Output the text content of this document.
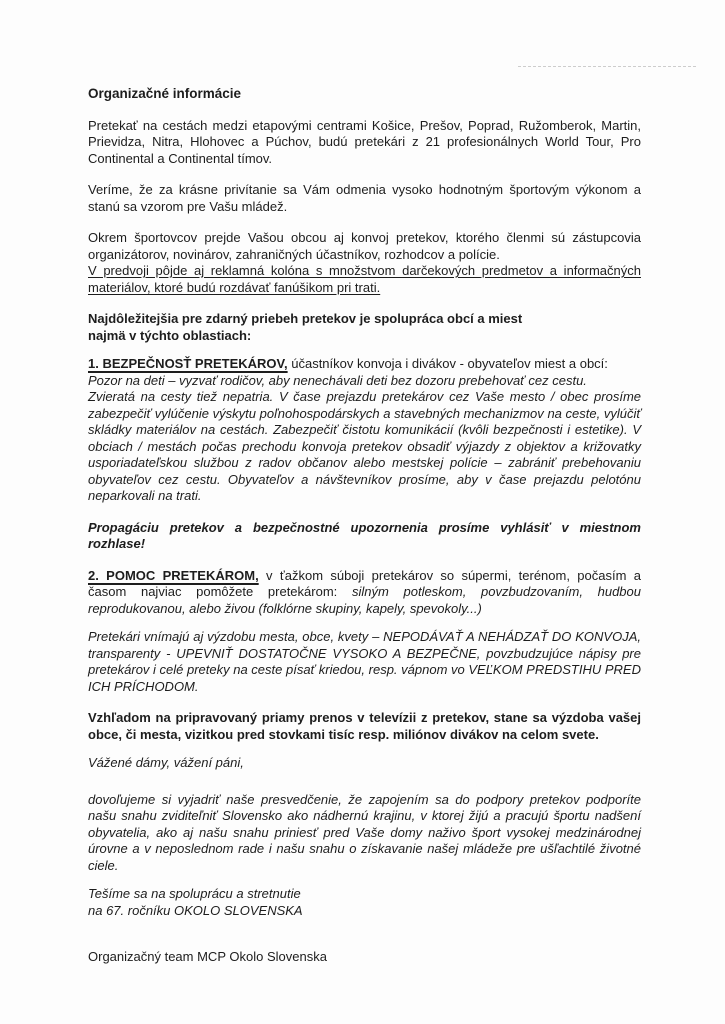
Organizačné informácie

Pretekať na cestách medzi etapovými centrami Košice, Prešov, Poprad, Ružomberok, Martin, Prievidza, Nitra, Hlohovec a Púchov, budú pretekári z 21 profesionálnych World Tour, Pro Continental a Continental tímov.

Veríme, že za krásne privítanie sa Vám odmenia vysoko hodnotným športovým výkonom a stanú sa vzorom pre Vašu mládež.

Okrem športovcov prejde Vašou obcou aj konvoj pretekov, ktorého členmi sú zástupcovia organizátorov, novinárov, zahraničných účastníkov, rozhodcov a polície.

V predvoji pôjde aj reklamná kolóna s množstvom darčekových predmetov a informačných materiálov, ktoré budú rozdávať fanúšikom pri trati.

Najdôležitejšia pre zdarný priebeh pretekov je spolupráca obcí a miest
najmä v týchto oblastiach:

1. BEZPEČNOSŤ PRETEKÁROV, účastníkov konvoja i divákov - obyvateľov miest a obcí:

Pozor na deti – vyzvať rodičov, aby nenechávali deti bez dozoru prebehovať cez cestu.

Zvieratá na cesty tiež nepatria. V čase prejazdu pretekárov cez Vaše mesto / obec prosíme zabezpečiť vylúčenie výskytu poľnohospodárskych a stavebných mechanizmov na ceste, vylúčiť skládky materiálov na cestách. Zabezpečiť čistotu komunikácií (kvôli bezpečnosti i estetike). V obciach / mestách počas prechodu konvoja pretekov obsadiť výjazdy z objektov a križovatky usporiadateľskou službou z radov občanov alebo mestskej polície – zabrániť prebehovaniu obyvateľov cez cestu. Obyvateľov a návštevníkov prosíme, aby v čase prejazdu pelotónu neparkovali na trati.

Propagáciu pretekov a bezpečnostné upozornenia prosíme vyhlásiť v miestnom rozhlase!

2. POMOC PRETEKÁROM, v ťažkom súboji pretekárov so súpermi, terénom, počasím a časom najviac pomôžete pretekárom: silným potleskom, povzbudzovaním, hudbou reprodukovanou, alebo živou (folklórne skupiny, kapely, spevokoly...)

Pretekári vnímajú aj výzdobu mesta, obce, kvety – NEPODÁVAŤ A NEHÁDZAŤ DO KONVOJA, transparenty - UPEVNIŤ DOSTATOČNE VYSOKO A BEZPEČNE, povzbudzujúce nápisy pre pretekárov i celé preteky na ceste písať kriedou, resp. vápnom vo VEĽKOM PREDSTIHU PRED ICH PRÍCHODOM.

Vzhľadom na pripravovaný priamy prenos v televízii z pretekov, stane sa výzdoba vašej obce, či mesta, vizitkou pred stovkami tisíc resp. miliónov divákov na celom svete.

Vážené dámy, vážení páni,

dovoľujeme si vyjadriť naše presvedčenie, že zapojením sa do podpory pretekov podporíte našu snahu zviditeľniť Slovensko ako nádhernú krajinu, v ktorej žijú a pracujú športu nadšení obyvatelia, ako aj našu snahu priniesť pred Vaše domy naživo šport vysokej medzinárodnej úrovne a v neposlednom rade i našu snahu o získavanie našej mládeže pre ušľachtilé životné ciele.

Tešíme sa na spoluprácu a stretnutie
na 67. ročníku OKOLO SLOVENSKA
Organizačný team MCP Okolo Slovenska
